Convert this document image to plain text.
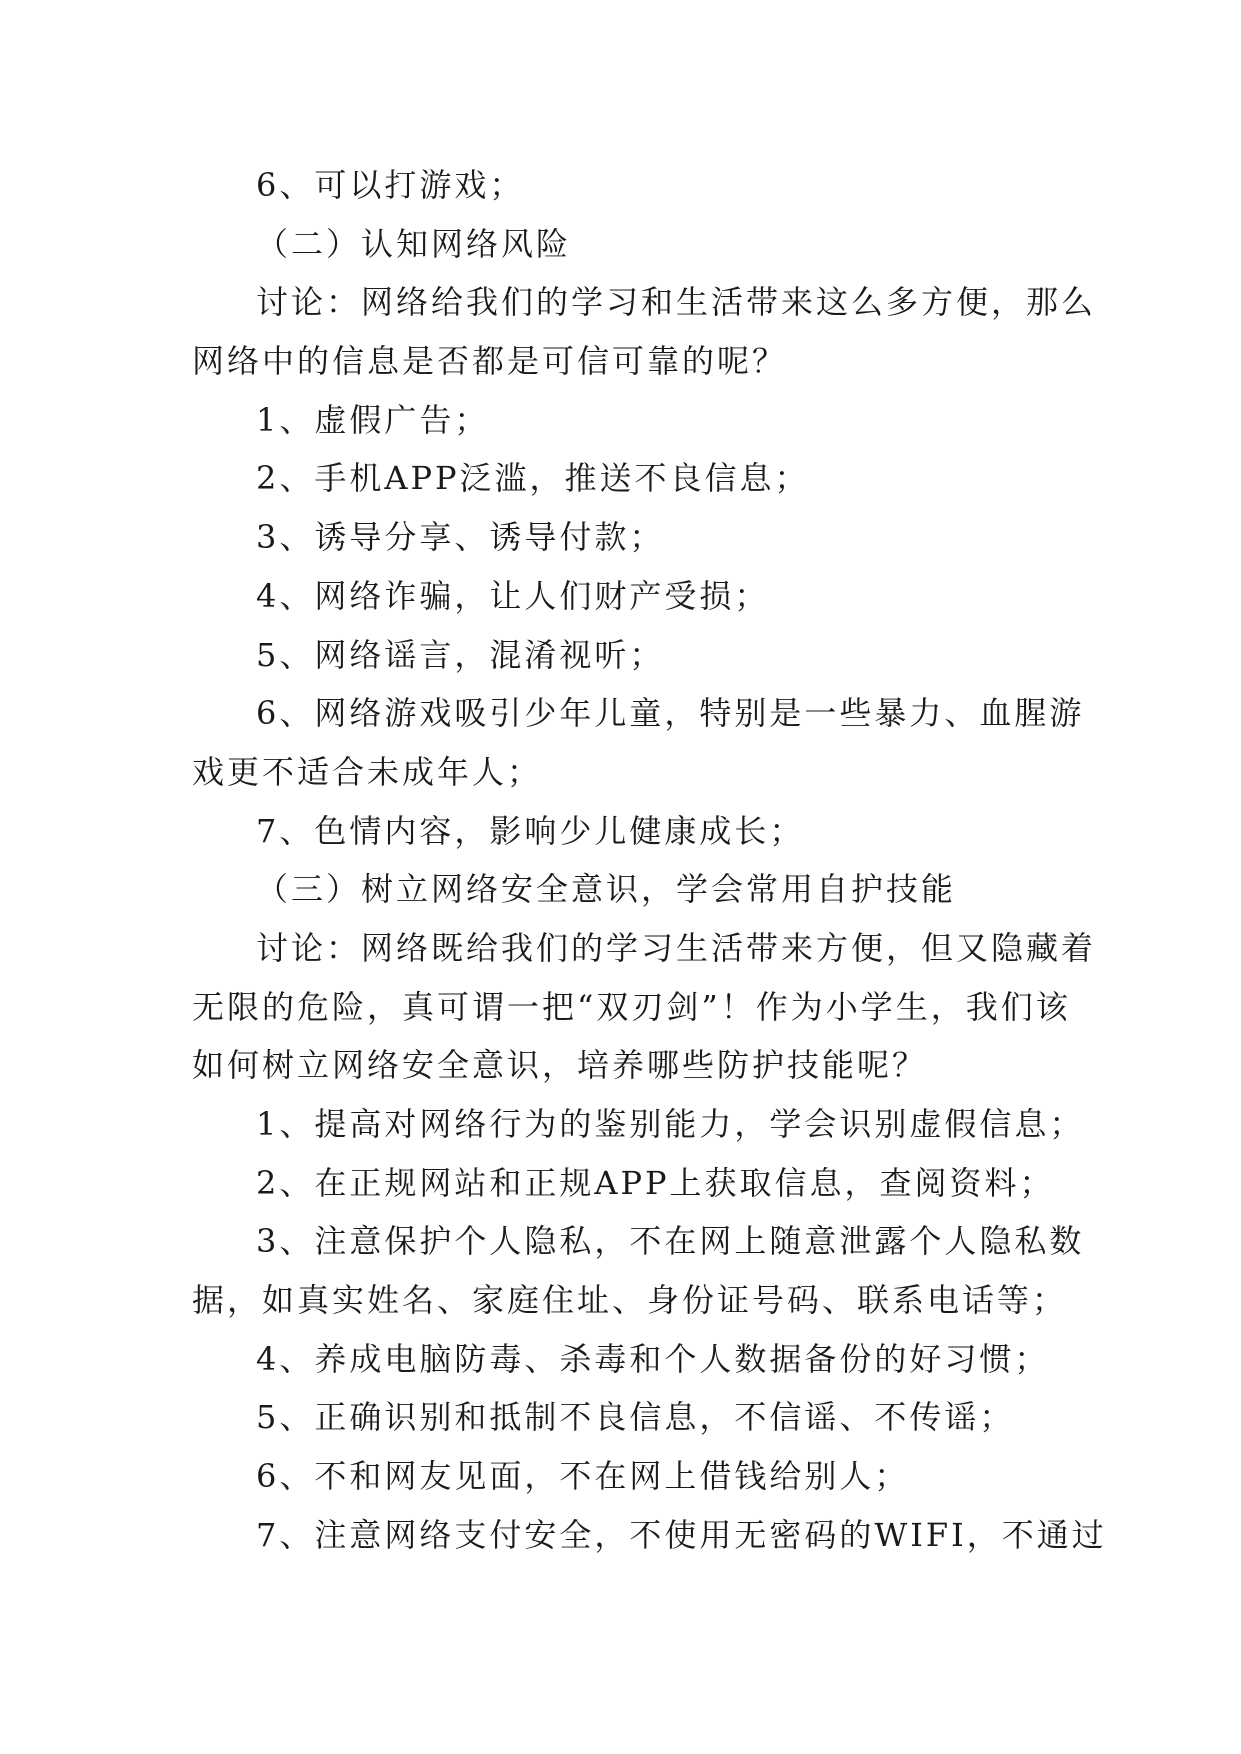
6、可以打游戏；
（二）认知网络风险
讨论：网络给我们的学习和生活带来这么多方便，那么
网络中的信息是否都是可信可靠的呢？
1、虚假广告；
2、手机APP泛滥，推送不良信息；
3、诱导分享、诱导付款；
4、网络诈骗，让人们财产受损；
5、网络谣言，混淆视听；
6、网络游戏吸引少年儿童，特别是一些暴力、血腥游
戏更不适合未成年人；
7、色情内容，影响少儿健康成长；
（三）树立网络安全意识，学会常用自护技能
讨论：网络既给我们的学习生活带来方便，但又隐藏着
无限的危险，真可谓一把“双刃剑”！作为小学生，我们该
如何树立网络安全意识，培养哪些防护技能呢？
1、提高对网络行为的鉴别能力，学会识别虚假信息；
2、在正规网站和正规APP上获取信息，查阅资料；
3、注意保护个人隐私，不在网上随意泄露个人隐私数
据，如真实姓名、家庭住址、身份证号码、联系电话等；
4、养成电脑防毒、杀毒和个人数据备份的好习惯；
5、正确识别和抵制不良信息，不信谣、不传谣；
6、不和网友见面，不在网上借钱给别人；
7、注意网络支付安全，不使用无密码的WIFI，不通过
